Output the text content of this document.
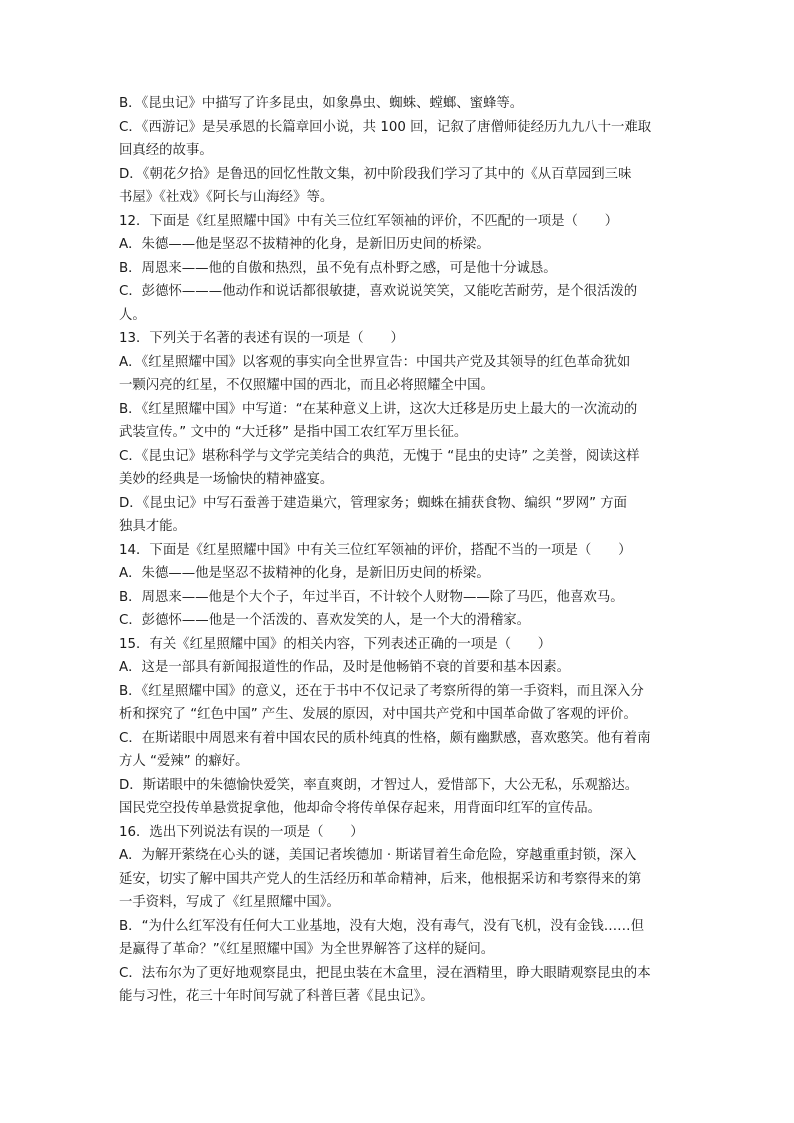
B．《昆虫记》中描写了许多昆虫，如象鼻虫、蜘蛛、螳螂、蜜蜂等。
C．《西游记》是吴承恩的长篇章回小说，共 100 回，记叙了唐僧师徒经历九九八十一难取
回真经的故事。
D．《朝花夕拾》是鲁迅的回忆性散文集，初中阶段我们学习了其中的《从百草园到三味
书屋》《社戏》《阿长与山海经》等。
12．下面是《红星照耀中国》中有关三位红军领袖的评价，不匹配的一项是（　　）
A．朱德——他是坚忍不拔精神的化身，是新旧历史间的桥梁。
B．周恩来——他的自傲和热烈，虽不免有点朴野之感，可是他十分诚恳。
C．彭德怀———他动作和说话都很敏捷，喜欢说说笑笑，又能吃苦耐劳，是个很活泼的
人。
13．下列关于名著的表述有误的一项是（　　）
A．《红星照耀中国》以客观的事实向全世界宣告：中国共产党及其领导的红色革命犹如
一颗闪亮的红星，不仅照耀中国的西北，而且必将照耀全中国。
B．《红星照耀中国》中写道：“在某种意义上讲，这次大迁移是历史上最大的一次流动的
武装宣传。” 文中的 “大迁移” 是指中国工农红军万里长征。
C．《昆虫记》堪称科学与文学完美结合的典范，无愧于 “昆虫的史诗” 之美誉，阅读这样
美妙的经典是一场愉快的精神盛宴。
D．《昆虫记》中写石蚕善于建造巢穴，管理家务；蜘蛛在捕获食物、编织 “罗网” 方面
独具才能。
14．下面是《红星照耀中国》中有关三位红军领袖的评价，搭配不当的一项是（　　）
A．朱德——他是坚忍不拔精神的化身，是新旧历史间的桥梁。
B．周恩来——他是个大个子，年过半百，不计较个人财物——除了马匹，他喜欢马。
C．彭德怀——他是一个活泼的、喜欢发笑的人，是一个大的滑稽家。
15．有关《红星照耀中国》的相关内容，下列表述正确的一项是（　　）
A．这是一部具有新闻报道性的作品，及时是他畅销不衰的首要和基本因素。
B．《红星照耀中国》的意义，还在于书中不仅记录了考察所得的第一手资料，而且深入分
析和探究了 “红色中国” 产生、发展的原因，对中国共产党和中国革命做了客观的评价。
C．在斯诺眼中周恩来有着中国农民的质朴纯真的性格，颇有幽默感，喜欢憨笑。他有着南
方人 “爱辣” 的癖好。
D．斯诺眼中的朱德愉快爱笑，率直爽朗，才智过人，爱惜部下，大公无私，乐观豁达。
国民党空投传单悬赏捉拿他，他却命令将传单保存起来，用背面印红军的宣传品。
16．选出下列说法有误的一项是（　　）
A．为解开萦绕在心头的谜，美国记者埃德加 · 斯诺冒着生命危险，穿越重重封锁，深入
延安，切实了解中国共产党人的生活经历和革命精神，后来，他根据采访和考察得来的第
一手资料，写成了《红星照耀中国》。
B．“为什么红军没有任何大工业基地，没有大炮，没有毒气，没有飞机，没有金钱……但
是赢得了革命？”《红星照耀中国》为全世界解答了这样的疑问。
C．法布尔为了更好地观察昆虫，把昆虫装在木盒里，浸在酒精里，睁大眼睛观察昆虫的本
能与习性，花三十年时间写就了科普巨著《昆虫记》。
